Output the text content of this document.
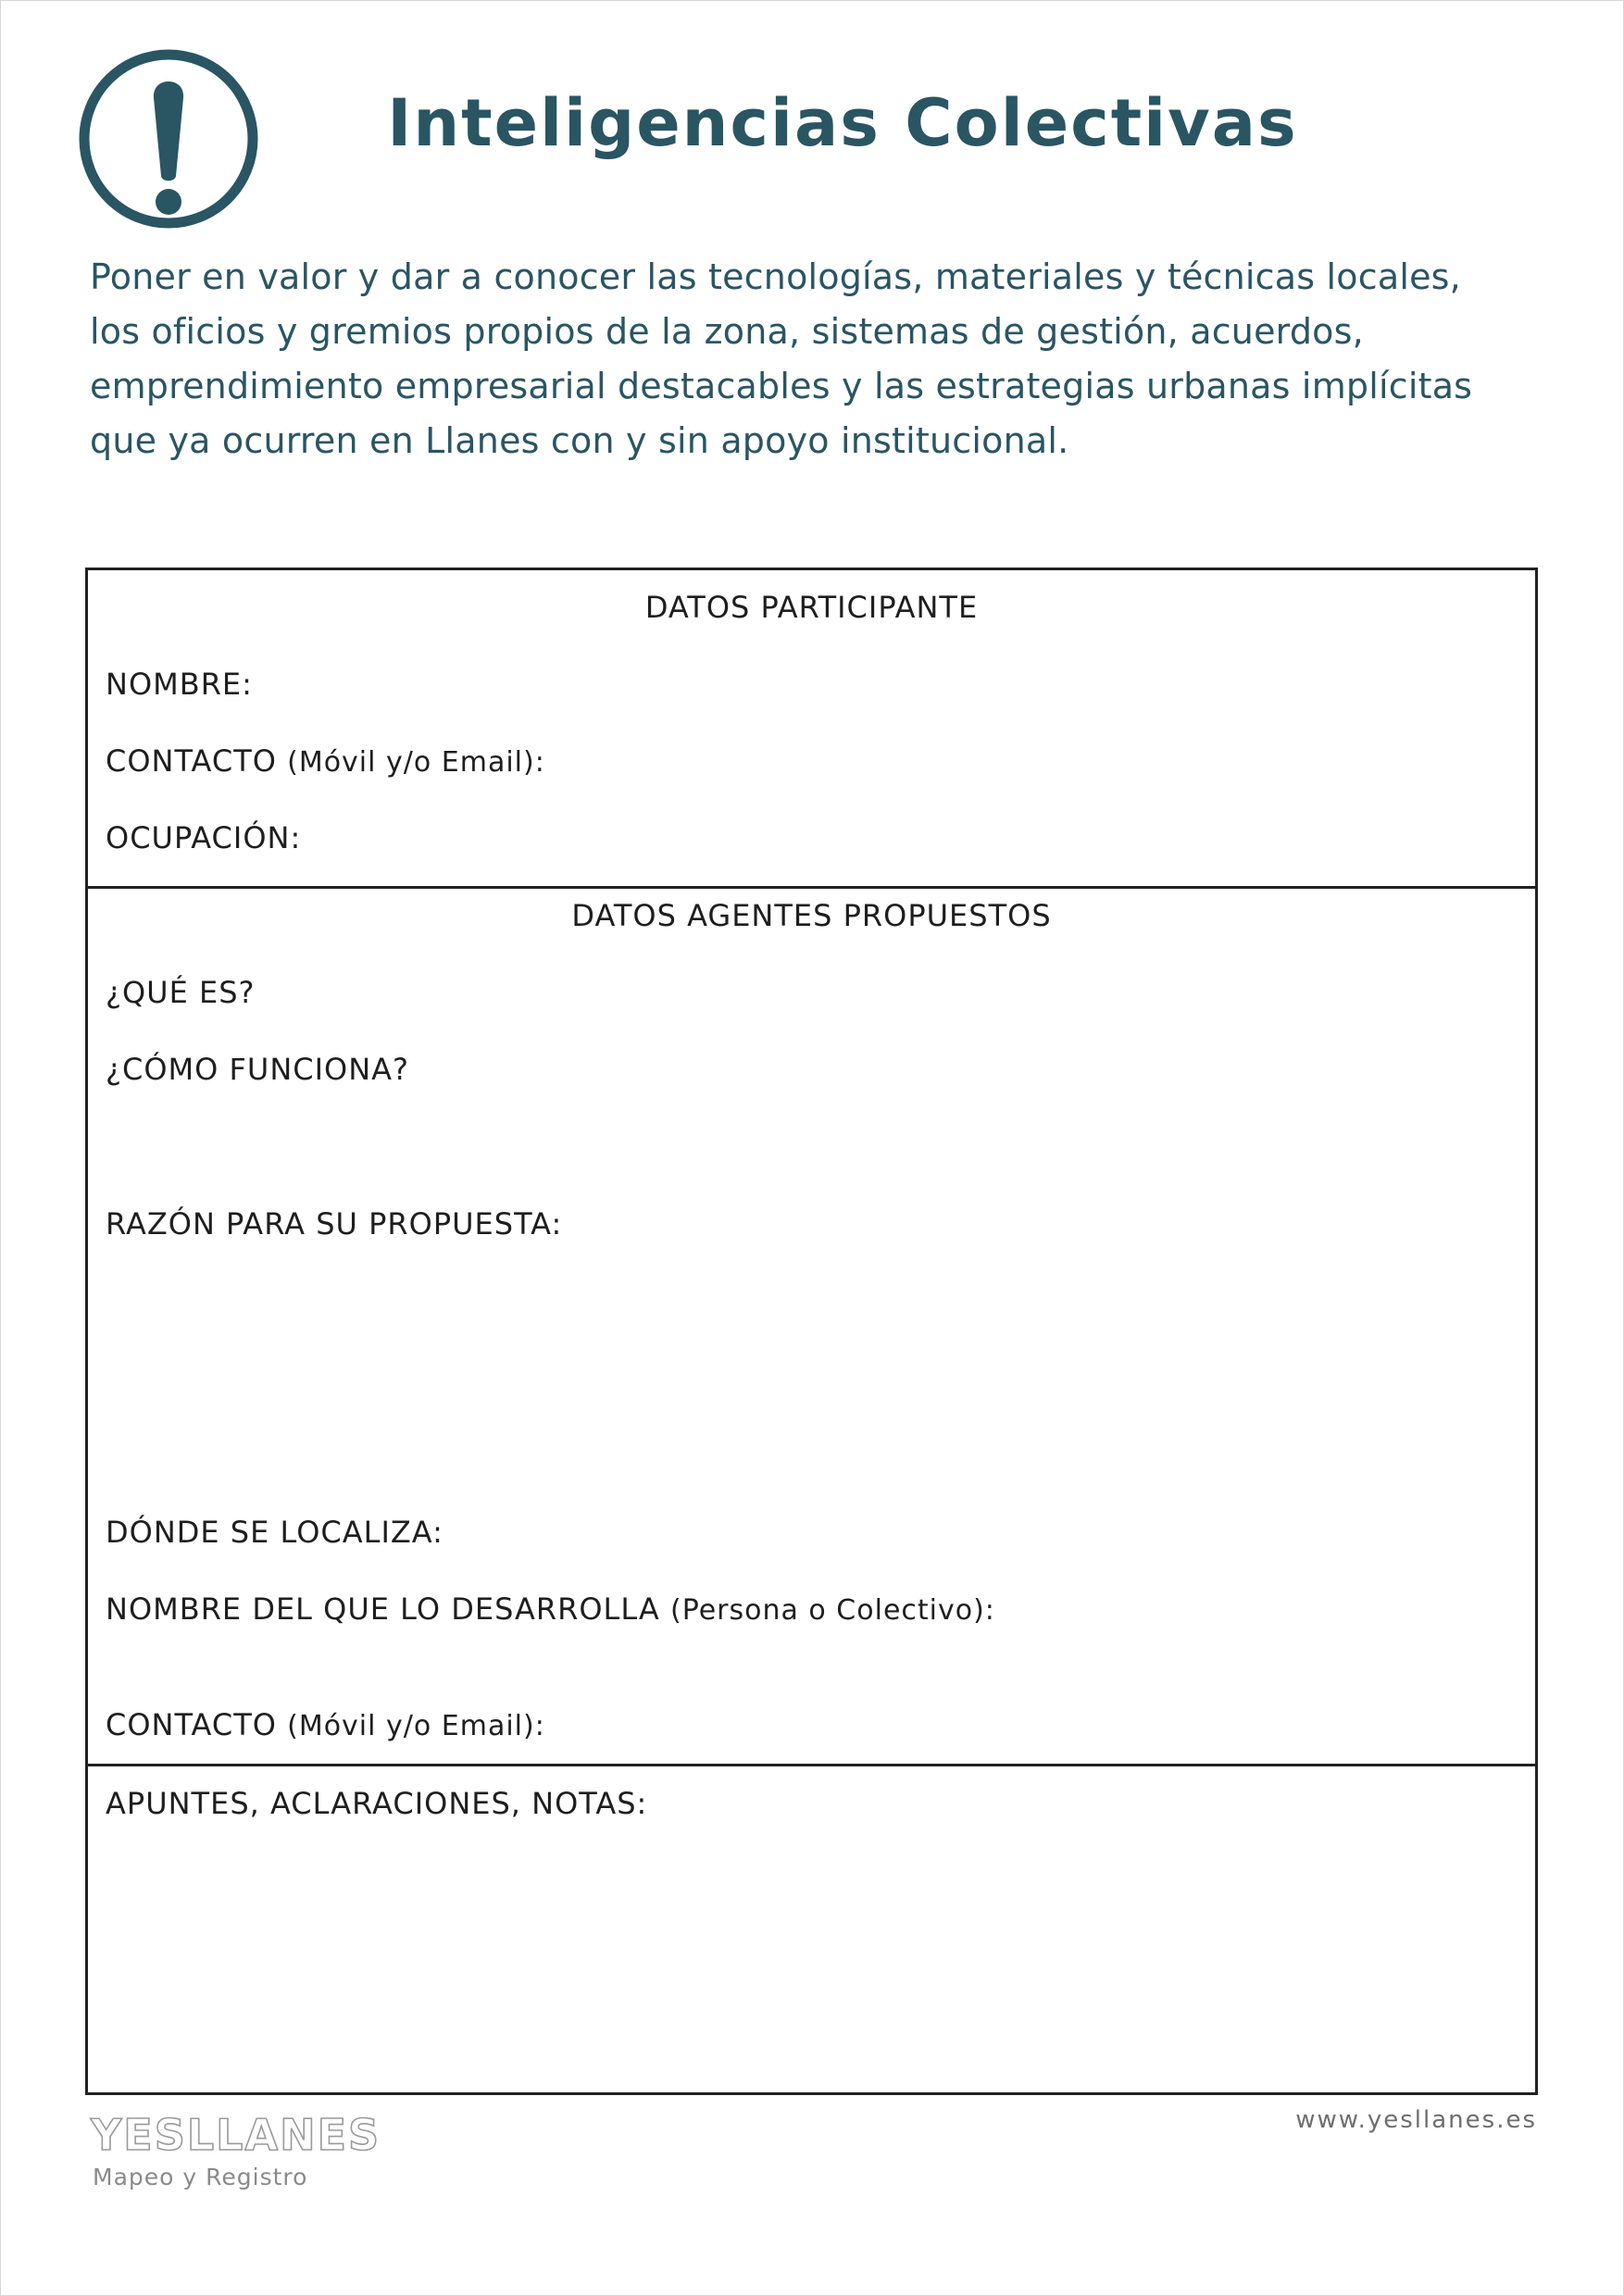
Inteligencias Colectivas

Poner en valor y dar a conocer las tecnologías, materiales y técnicas locales,
los oficios y gremios propios de la zona, sistemas de gestión, acuerdos,
emprendimiento empresarial destacables y las estrategias urbanas implícitas
que ya ocurren en Llanes con y sin apoyo institucional.

DATOS PARTICIPANTE
NOMBRE:
CONTACTO (Móvil y/o Email):
OCUPACIÓN:
DATOS AGENTES PROPUESTOS
¿QUÉ ES?
¿CÓMO FUNCIONA?
RAZÓN PARA SU PROPUESTA:
DÓNDE SE LOCALIZA:
NOMBRE DEL QUE LO DESARROLLA (Persona o Colectivo):
CONTACTO (Móvil y/o Email):
APUNTES, ACLARACIONES, NOTAS:
YESLLANES
Mapeo y Registro
www.yesllanes.es
